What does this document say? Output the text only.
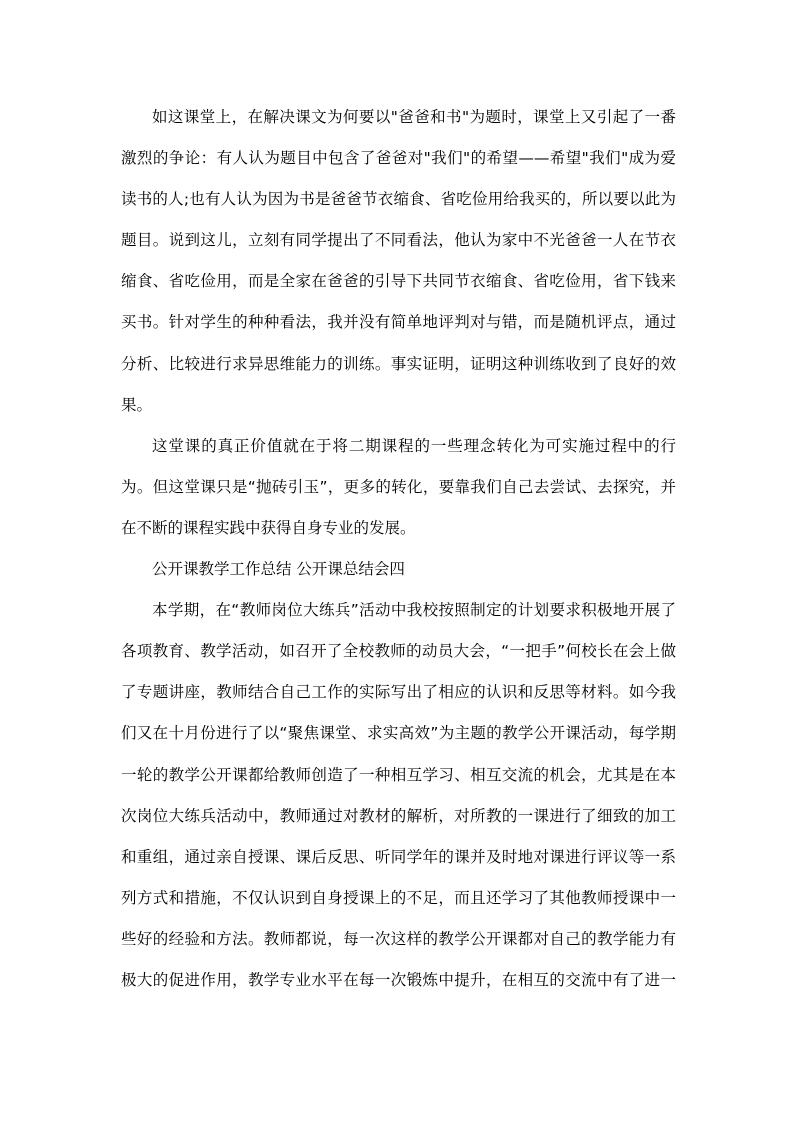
如这课堂上，在解决课文为何要以"爸爸和书"为题时，课堂上又引起了一番
激烈的争论：有人认为题目中包含了爸爸对"我们"的希望——希望"我们"成为爱
读书的人;也有人认为因为书是爸爸节衣缩食、省吃俭用给我买的，所以要以此为
题目。说到这儿，立刻有同学提出了不同看法，他认为家中不光爸爸一人在节衣
缩食、省吃俭用，而是全家在爸爸的引导下共同节衣缩食、省吃俭用，省下钱来
买书。针对学生的种种看法，我并没有简单地评判对与错，而是随机评点，通过
分析、比较进行求异思维能力的训练。事实证明，证明这种训练收到了良好的效
果。
这堂课的真正价值就在于将二期课程的一些理念转化为可实施过程中的行
为。但这堂课只是“抛砖引玉”，更多的转化，要靠我们自己去尝试、去探究，并
在不断的课程实践中获得自身专业的发展。
公开课教学工作总结 公开课总结会四
本学期，在“教师岗位大练兵”活动中我校按照制定的计划要求积极地开展了
各项教育、教学活动，如召开了全校教师的动员大会，“一把手”何校长在会上做
了专题讲座，教师结合自己工作的实际写出了相应的认识和反思等材料。如今我
们又在十月份进行了以“聚焦课堂、求实高效”为主题的教学公开课活动，每学期
一轮的教学公开课都给教师创造了一种相互学习、相互交流的机会，尤其是在本
次岗位大练兵活动中，教师通过对教材的解析，对所教的一课进行了细致的加工
和重组，通过亲自授课、课后反思、听同学年的课并及时地对课进行评议等一系
列方式和措施，不仅认识到自身授课上的不足，而且还学习了其他教师授课中一
些好的经验和方法。教师都说，每一次这样的教学公开课都对自己的教学能力有
极大的促进作用，教学专业水平在每一次锻炼中提升，在相互的交流中有了进一
